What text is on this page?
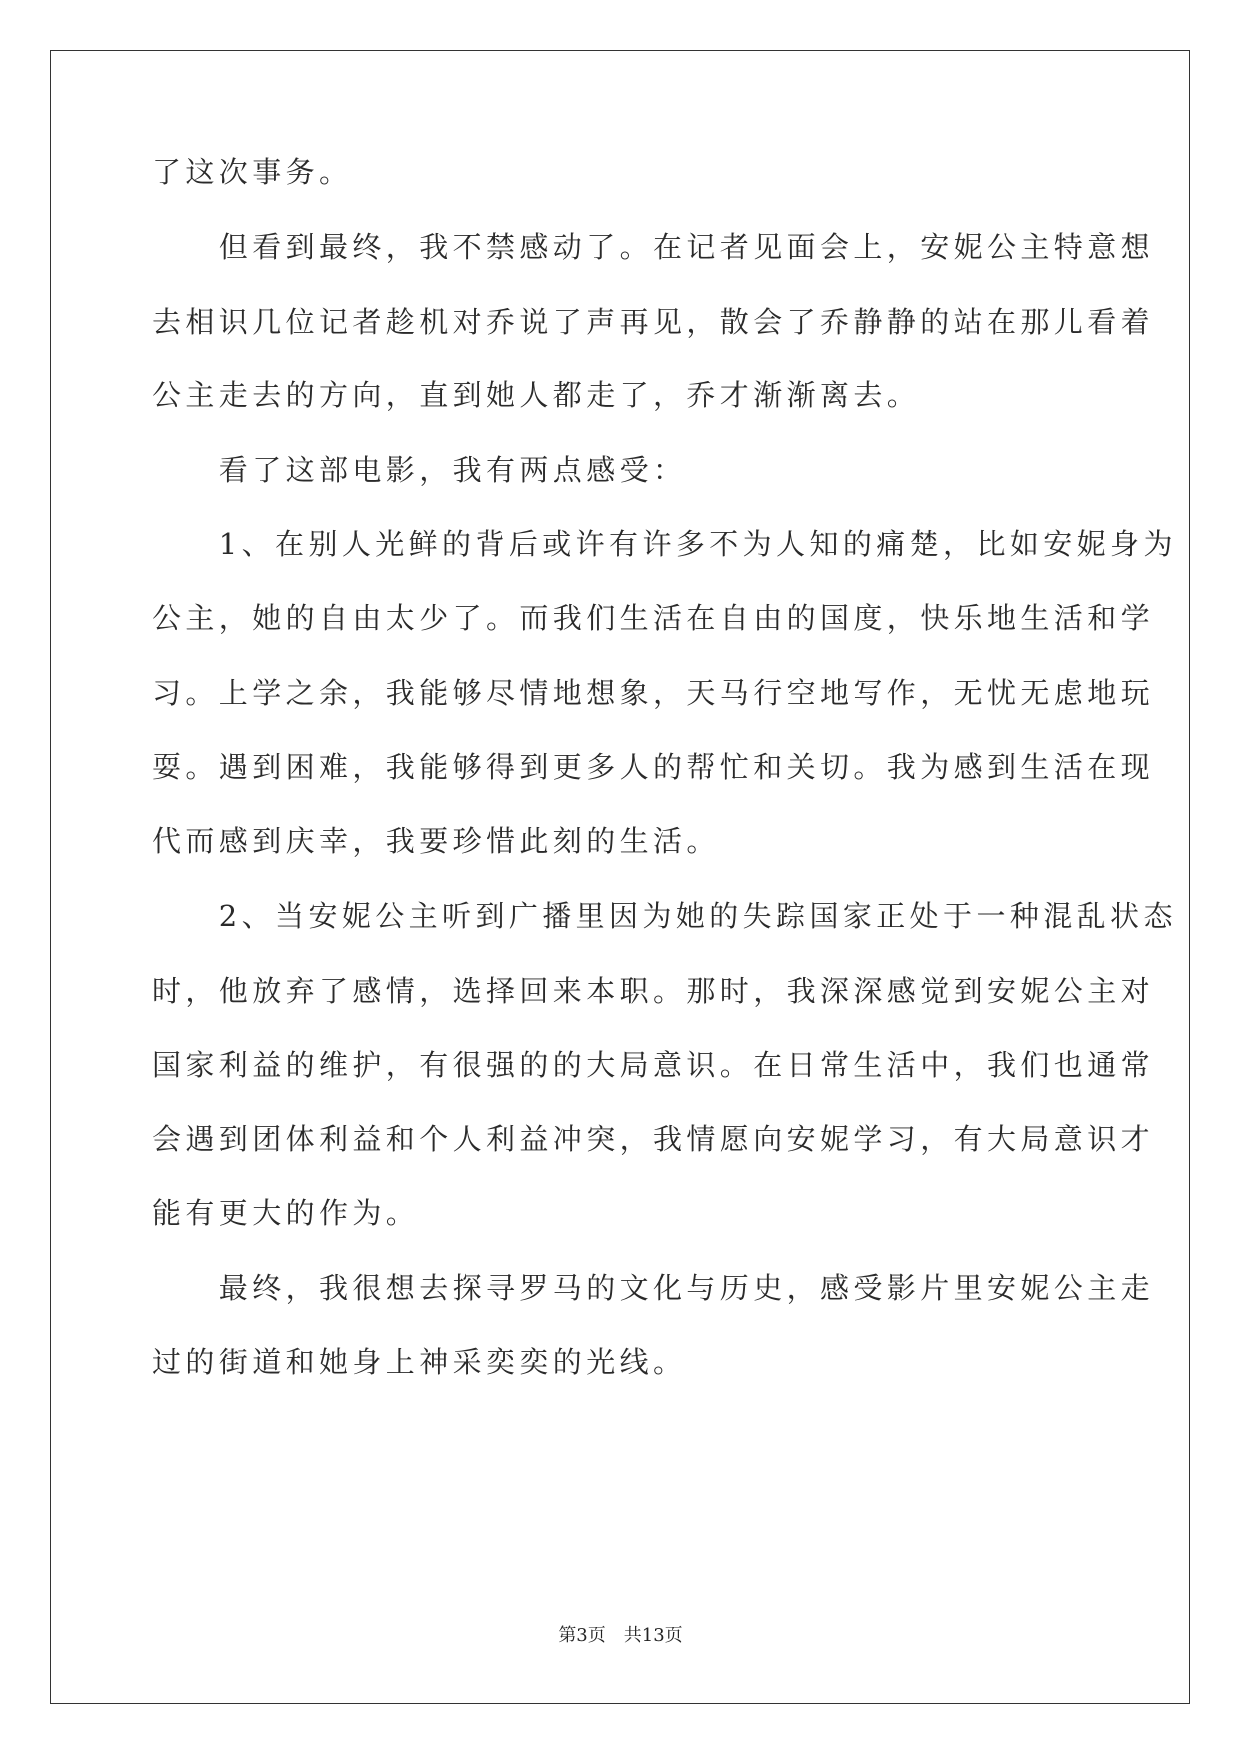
了这次事务。
　　但看到最终，我不禁感动了。在记者见面会上，安妮公主特意想
去相识几位记者趁机对乔说了声再见，散会了乔静静的站在那儿看着
公主走去的方向，直到她人都走了，乔才渐渐离去。
　　看了这部电影，我有两点感受：
　　1、在别人光鲜的背后或许有许多不为人知的痛楚，比如安妮身为
公主，她的自由太少了。而我们生活在自由的国度，快乐地生活和学
习。上学之余，我能够尽情地想象，天马行空地写作，无忧无虑地玩
耍。遇到困难，我能够得到更多人的帮忙和关切。我为感到生活在现
代而感到庆幸，我要珍惜此刻的生活。
　　2、当安妮公主听到广播里因为她的失踪国家正处于一种混乱状态
时，他放弃了感情，选择回来本职。那时，我深深感觉到安妮公主对
国家利益的维护，有很强的的大局意识。在日常生活中，我们也通常
会遇到团体利益和个人利益冲突，我情愿向安妮学习，有大局意识才
能有更大的作为。
　　最终，我很想去探寻罗马的文化与历史，感受影片里安妮公主走
过的街道和她身上神采奕奕的光线。
第3页　共13页
